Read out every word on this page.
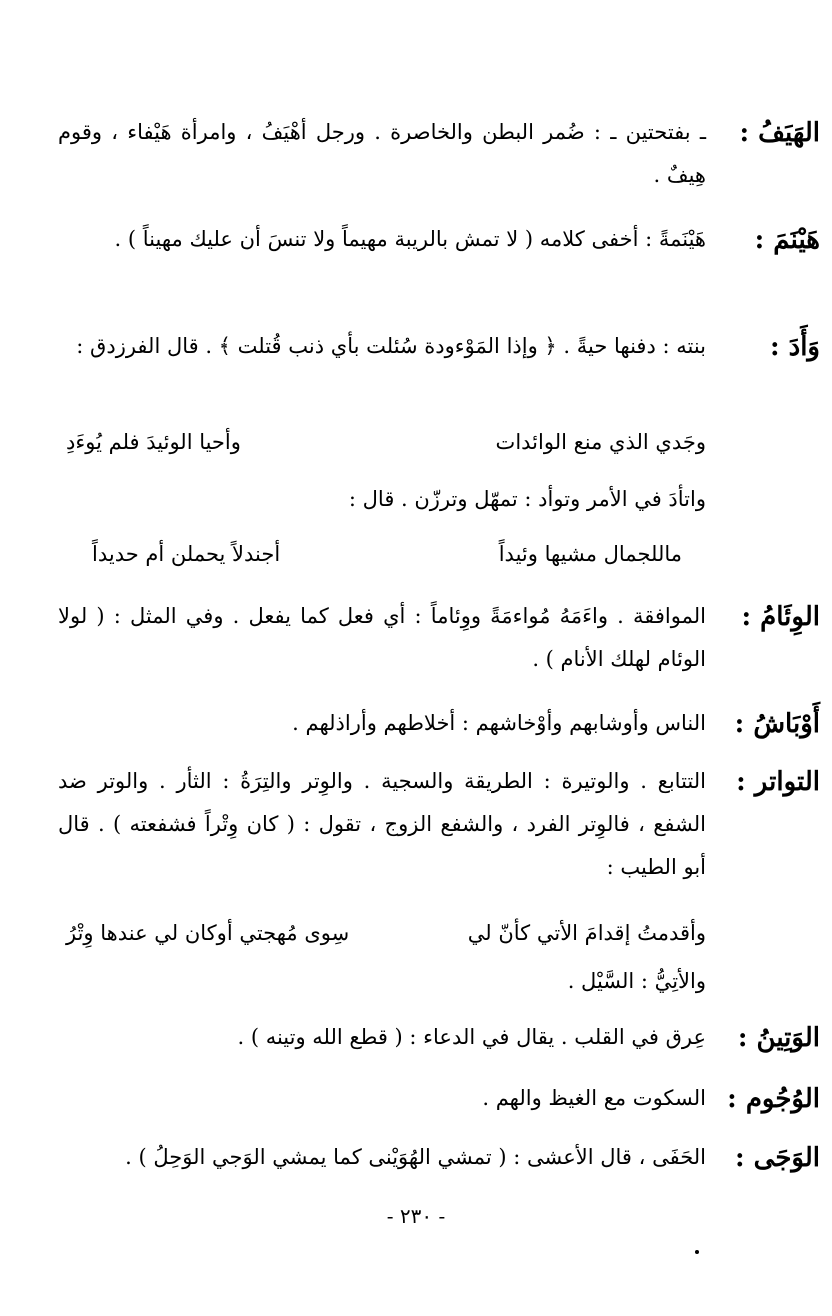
الهَيَفُ :
ـ بفتحتين ـ : ضُمر البطن والخاصرة . ورجل أهْيَفُ ، وامرأة هَيْفاء ، وقوم هِيفٌ .
هَيْنَمَ :
هَيْنَمةً : أخفى كلامه ( لا تمش بالريبة مهيماً ولا تنسَ أن عليك مهيناً ) .
وَأَدَ :
بنته : دفنها حيةً . ﴿ وإذا المَوْءودة سُئلت بأي ذنب قُتلت ﴾ . قال الفرزدق :
وجَدي الذي منع الوائدات
وأحيا الوئيدَ فلم يُوءَدِ
واتأدَ في الأمر وتوأد : تمهّل وترزّن . قال :
ماللجمال مشيها وئيداً
أجندلاً يحملن أم حديداً
الوِئَامُ :
الموافقة . واءَمَهُ مُواءمَةً ووِئاماً : أي فعل كما يفعل . وفي المثل : ( لولا الوئام لهلك الأنام ) .
أَوْبَاشُ :
الناس وأوشابهم وأوْخاشهم : أخلاطهم وأراذلهم .
التواتر :
التتابع . والوتيرة : الطريقة والسجية . والوِتر والتِرَةُ : الثأر . والوتر ضد الشفع ، فالوِتر الفرد ، والشفع الزوج ، تقول : ( كان وِتْراً فشفعته ) . قال أبو الطيب :
وأقدمتُ إقدامَ الأتي كأنّ لي
سِوى مُهجتي أوكان لي عندها وِتْرُ
والأتِيُّ : السَّيْل .
الوَتِينُ :
عِرق في القلب . يقال في الدعاء : ( قطع الله وتينه ) .
الوُجُوم :
السكوت مع الغيظ والهم .
الوَجَى :
الحَفَى ، قال الأعشى : ( تمشي الهُوَيْنى كما يمشي الوَجي الوَحِلُ ) .
- ٢٣٠ -
